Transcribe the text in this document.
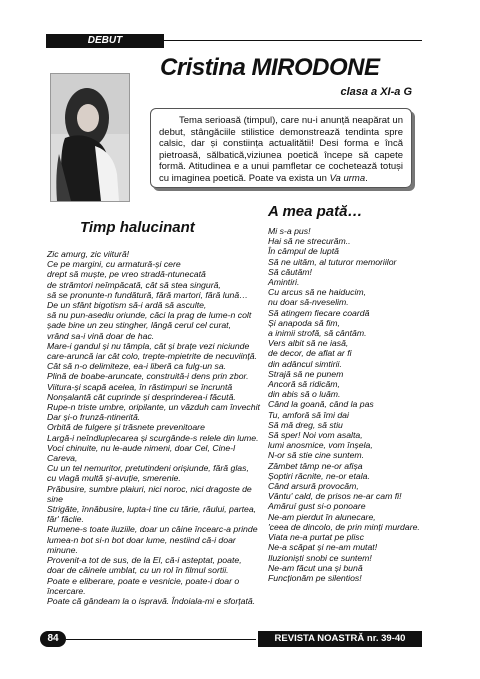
DEBUT
Cristina MIRODONE
clasa a XI-a G
Tema serioasă (timpul), care nu-i anunță neapărat un debut, stângăciile stilistice demonstrează tendinta spre calsic, dar și constiința actualitătii! Desi forma e încă pietroasă, sălbatică,viziunea poetică începe să capete formă. Atitudinea e a unui pamfletar ce cochetează totuși cu imaginea poetică. Poate va exista un Va urma.
Timp halucinant
Zic amurg, zic viitură!
Ce pe margini, cu armatură-și cere
drept să muște, pe vreo stradă-ntunecată
de strămtori neîmpăcată, cât să stea singură,
să se pronunte-n fundătură, fără martori, fără lună…
De un sfânt bigotism să-i ardă să asculte,
să nu pun-asediu oriunde, căci la prag de lume-n colt
șade bine un zeu stingher, lângă cerul cel curat,
vrând sa-i vină doar de hac.
Mare-i gandul și nu tâmpla, cât și brațe vezi niciunde
care-aruncă iar cât colo, trepte-mpietrite de necuviință.
Cât să n-o delimiteze, ea-i liberă ca fulg-un sa.
Plină de boabe-aruncate, construită-i dens prin zbor.
Viitura-și scapă acelea, în răstimpuri se încruntă
Nonșalantă cât cuprinde și desprinderea-i făcută.
Rupe-n triste umbre, oripilante, un văzduh cam învechit
Dar și-o frunză-ntinerită.
Orbită de fulgere și trăsnete prevenitoare
Largă-i neîndluplecarea și scurgânde-s relele din lume.
Voci chinuite, nu le-aude nimeni, doar Cel, Cine-l Careva,
Cu un tel nemuritor, pretutindeni orișiunde, fără glas,
cu vlagă multă și-avuție, smerenie.
Prăbusire, sumbre plaiuri, nici noroc, nici dragoste de sine
Strigăte, înnăbusire, lupta-i tine cu tărie, răului, partea, făr' făclie.
Rumene-s toate iluziile, doar un câine încearc-a prinde
lumea-n bot si-n bot doar lume, nestiind că-i doar minune.
Provenit-a tot de sus, de la El, că-i asteptat, poate,
doar de câinele umblat, cu un rol în filmul sortii.
Poate e eliberare, poate e vesnicie, poate-i doar o încercare.
Poate că gândeam la o ispravă. Îndoiala-mi e sforțată.
A mea pată…
Mi s-a pus!
Hai să ne strecurăm..
În câmpul de luptă
Să ne uităm, al tuturor memoriilor
Să căutăm!
Amintiri.
Cu arcus să ne haiducim,
nu doar să-nveselim.
Să atingem fiecare coardă
Și anapoda să fim,
a inimii strofă, să cântăm.
Vers albit să ne iasă,
de decor, de aflat ar fi
din adâncul simtirii.
Strajă să ne punem
Ancoră să ridicăm,
din abis să o luăm.
Când la goană, când la pas
Tu, amforă să îmi dai
Să mă dreg, să stiu
Să sper! Noi vom asalta,
lumi anosmice, vom înșela,
N-or să stie cine suntem.
Zâmbet tâmp ne-or afișa
Șoptiri răcnite, ne-or etala.
Când arsură provocăm,
Vântu' cald, de prisos ne-ar cam fi!
Amăruí gust si-o ponoare
Ne-am pierdut în alunecare,
'ceea de dincolo, de prin minți murdare.
Viata ne-a purtat pe plisc
Ne-a scăpat și ne-am mutat!
Iluzioniști snobi ce suntem!
Ne-am făcut una și bună
Funcționăm pe silentios!
84	REVISTA NOASTRĂ nr. 39-40
